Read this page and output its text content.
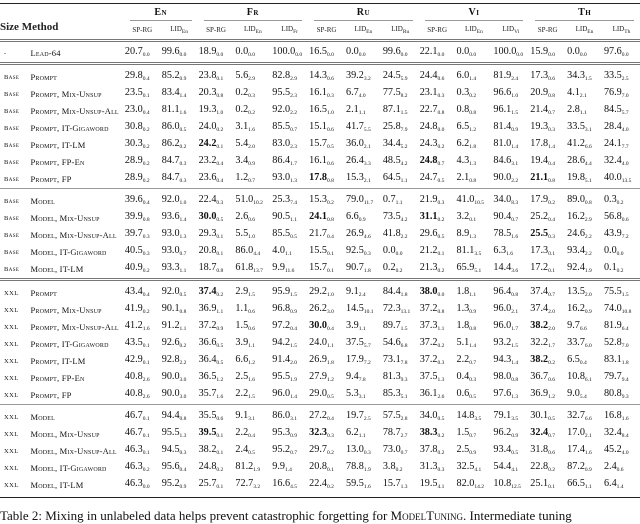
		En		Fr			Ru			Vi			Th		

Size Method		SP-RG	$LID_{En}$	SP-RG	$LID_{En}$	$LID_{Fr}$	SP-RG	$LID_{En}$	$LID_{Ru}$	SP-RG	$LID_{En}$	$LID_{Vi}$	SP-RG	$LID_{En}$	$LID_{Th}$
-	Lead-64	$20.7_{0.0}$	$99.6_{0.0}$	$18.9_{0.0}$	$0.0_{0.0}$	$100.0_{0.0}$	$16.5_{0.0}$	$0.0_{0.0}$	$99.6_{0.0}$	$22.1_{0.0}$	$0.0_{0.0}$	$100.0_{0.0}$	$15.9_{0.0}$	$0.0_{0.0}$	$97.6_{0.0}$
Base	Prompt	$29.8_{0.4}$	$85.2_{0.9}$	$23.8_{0.1}$	$5.6_{2.9}$	$82.8_{2.9}$	$14.3_{0.6}$	$39.2_{3.2}$	$24.5_{5.9}$	$24.4_{0.6}$	$6.0_{1.4}$	$81.9_{2.4}$	$17.3_{0.6}$	$34.3_{1.5}$	$33.5_{2.5}$
Base	Prompt, Mix-Unsup	$23.5_{0.1}$	$83.4_{1.4}$	$20.3_{0.8}$	$0.2_{0.3}$	$95.5_{2.3}$	$16.1_{0.3}$	$6.7_{4.0}$	$77.5_{8.2}$	$23.1_{0.3}$	$0.3_{0.2}$	$96.6_{1.0}$	$20.9_{0.8}$	$4.1_{2.1}$	$76.9_{7.0}$
Base	Prompt, Mix-Unsup-All	$23.0_{0.4}$	$81.1_{1.6}$	$19.3_{1.0}$	$0.2_{0.2}$	$92.0_{2.2}$	$16.5_{1.0}$	$2.1_{1.1}$	$87.1_{1.5}$	$22.7_{0.8}$	$0.8_{0.8}$	$96.1_{1.5}$	$21.4_{0.7}$	$2.8_{1.1}$	$84.5_{5.7}$
Base	Prompt, IT-Gigaword	$30.8_{0.2}$	$86.0_{0.5}$	$24.0_{0.2}$	$3.1_{1.6}$	$85.5_{0.7}$	$15.1_{0.6}$	$41.7_{5.5}$	$25.8_{7.9}$	$24.8_{0.0}$	$6.5_{1.2}$	$81.4_{0.9}$	$19.3_{0.3}$	$33.5_{3.1}$	$28.4_{4.0}$
Base	Prompt, IT-LM	$30.3_{0.2}$	$86.2_{0.2}$	$24.2_{0.1}$	$5.4_{2.0}$	$83.0_{2.3}$	$15.7_{0.5}$	$36.0_{2.1}$	$34.4_{5.2}$	$24.3_{0.2}$	$6.2_{1.8}$	$81.0_{1.4}$	$17.8_{1.4}$	$41.2_{6.6}$	$24.1_{7.7}$
Base	Prompt, FP-En	$28.9_{0.2}$	$84.7_{0.3}$	$23.2_{0.4}$	$3.4_{0.9}$	$86.4_{1.7}$	$16.1_{0.6}$	$26.4_{3.3}$	$48.5_{4.2}$	$24.8_{0.7}$	$4.3_{1.3}$	$84.6_{3.1}$	$19.4_{0.4}$	$28.6_{4.4}$	$32.4_{4.0}$
Base	Prompt, FP	$28.9_{0.2}$	$84.7_{0.3}$	$23.6_{0.4}$	$1.2_{0.7}$	$93.0_{1.3}$	$17.8_{0.8}$	$15.3_{2.1}$	$64.5_{1.1}$	$24.7_{0.5}$	$2.1_{0.8}$	$90.0_{2.2}$	$21.1_{0.8}$	$19.8_{5.1}$	$40.0_{13.5}$
Base	Model	$39.6_{0.4}$	$92.0_{1.0}$	$22.4_{0.3}$	$51.0_{10.2}$	$25.3_{7.4}$	$15.3_{0.2}$	$79.0_{11.7}$	$0.7_{1.1}$	$21.9_{0.3}$	$41.0_{10.5}$	$34.0_{8.3}$	$17.9_{0.2}$	$89.0_{0.8}$	$0.3_{0.2}$
Base	Model, Mix-Unsup	$39.9_{0.8}$	$93.6_{1.4}$	$30.0_{0.5}$	$2.6_{0.6}$	$90.5_{1.1}$	$24.1_{0.8}$	$6.6_{0.9}$	$73.5_{4.2}$	$31.1_{0.2}$	$3.2_{0.1}$	$90.4_{0.7}$	$25.2_{0.4}$	$16.2_{2.9}$	$56.8_{0.6}$
Base	Model, Mix-Unsup-All	$39.7_{0.3}$	$93.0_{1.3}$	$29.3_{0.1}$	$5.5_{1.0}$	$85.5_{0.5}$	$21.7_{0.4}$	$26.9_{4.6}$	$41.8_{2.2}$	$29.6_{0.5}$	$8.9_{1.3}$	$78.5_{1.6}$	$25.5_{0.3}$	$24.6_{2.2}$	$43.9_{7.2}$
Base	Model, IT-Gigaword	$40.5_{0.3}$	$93.0_{0.7}$	$20.8_{0.1}$	$86.0_{4.4}$	$4.0_{1.1}$	$15.5_{0.1}$	$92.5_{0.3}$	$0.0_{0.0}$	$21.2_{0.1}$	$81.1_{3.5}$	$6.3_{1.6}$	$17.3_{0.1}$	$93.4_{2.2}$	$0.0_{0.0}$
Base	Model, IT-LM	$40.9_{0.2}$	$93.3_{1.1}$	$18.7_{0.8}$	$61.8_{13.7}$	$9.9_{11.6}$	$15.7_{0.1}$	$90.7_{1.8}$	$0.2_{0.2}$	$21.3_{0.2}$	$65.9_{5.1}$	$14.4_{3.6}$	$17.2_{0.1}$	$92.4_{1.9}$	$0.1_{0.2}$
XXL	Prompt	$43.4_{0.4}$	$92.0_{0.5}$	$37.4_{0.2}$	$2.9_{1.5}$	$95.9_{1.5}$	$29.2_{1.0}$	$9.1_{2.4}$	$84.4_{1.8}$	$38.0_{0.0}$	$1.8_{1.1}$	$96.4_{0.8}$	$37.4_{0.7}$	$13.5_{2.0}$	$75.5_{1.5}$
XXL	Prompt, Mix-Unsup	$41.9_{0.2}$	$90.1_{0.8}$	$36.9_{1.1}$	$1.1_{0.6}$	$96.8_{0.9}$	$26.2_{3.0}$	$14.5_{10.1}$	$72.3_{13.1}$	$37.2_{0.8}$	$1.3_{0.9}$	$96.0_{2.1}$	$37.4_{2.0}$	$16.2_{0.9}$	$74.0_{10.8}$
XXL	Prompt, Mix-Unsup-All	$41.2_{1.6}$	$91.2_{1.1}$	$37.2_{0.9}$	$1.5_{0.6}$	$97.2_{0.4}$	$30.0_{0.4}$	$3.9_{1.1}$	$89.7_{1.5}$	$37.3_{1.1}$	$1.8_{0.8}$	$96.0_{1.7}$	$38.2_{2.0}$	$9.7_{6.6}$	$81.9_{6.4}$
XXL	Prompt, IT-Gigaword	$43.5_{0.1}$	$92.6_{0.2}$	$36.6_{0.5}$	$3.9_{1.1}$	$94.2_{1.5}$	$24.0_{1.1}$	$37.5_{5.7}$	$54.6_{6.8}$	$37.2_{0.2}$	$5.1_{1.4}$	$93.2_{1.5}$	$32.2_{1.7}$	$33.7_{6.0}$	$52.8_{7.0}$
XXL	Prompt, IT-LM	$42.9_{0.1}$	$92.8_{2.2}$	$36.4_{0.5}$	$6.6_{1.2}$	$91.4_{2.0}$	$26.9_{1.8}$	$17.9_{7.2}$	$73.1_{7.8}$	$37.2_{0.3}$	$2.2_{0.7}$	$94.3_{1.4}$	$38.2_{0.2}$	$6.5_{0.4}$	$83.1_{1.8}$
XXL	Prompt, FP-En	$40.8_{2.6}$	$90.0_{3.0}$	$36.5_{1.2}$	$2.5_{1.6}$	$95.5_{1.9}$	$27.9_{1.2}$	$9.4_{7.8}$	$81.3_{9.3}$	$37.5_{1.3}$	$0.4_{0.3}$	$98.0_{0.8}$	$36.7_{0.6}$	$10.8_{6.1}$	$79.7_{9.4}$
XXL	Prompt, FP	$40.8_{2.6}$	$90.0_{3.0}$	$35.7_{1.6}$	$2.2_{1.5}$	$96.0_{1.4}$	$29.0_{0.5}$	$5.3_{3.1}$	$85.3_{5.1}$	$36.1_{2.6}$	$0.6_{0.5}$	$97.6_{1.3}$	$36.9_{1.2}$	$9.0_{5.4}$	$80.8_{9.3}$
XXL	Model	$46.7_{0.1}$	$94.4_{0.8}$	$35.5_{0.6}$	$9.1_{3.1}$	$86.0_{3.1}$	$27.2_{0.4}$	$19.7_{2.5}$	$57.5_{2.8}$	$34.0_{0.5}$	$14.8_{3.5}$	$79.1_{3.5}$	$30.1_{0.5}$	$32.7_{6.6}$	$16.8_{1.6}$
XXL	Model, Mix-Unsup	$46.7_{0.1}$	$95.5_{1.3}$	$39.5_{0.1}$	$2.2_{0.4}$	$95.3_{0.9}$	$32.3_{0.3}$	$6.2_{1.1}$	$78.7_{2.7}$	$38.3_{0.2}$	$1.5_{0.7}$	$96.2_{0.9}$	$32.4_{0.7}$	$17.0_{2.1}$	$32.4_{8.4}$
XXL	Model, Mix-Unsup-All	$46.3_{0.1}$	$94.5_{0.3}$	$38.2_{0.1}$	$2.4_{0.5}$	$95.2_{0.7}$	$29.7_{0.2}$	$13.0_{0.3}$	$73.0_{0.7}$	$37.8_{0.2}$	$2.5_{0.9}$	$93.4_{0.5}$	$31.8_{0.6}$	$17.4_{1.6}$	$45.2_{4.0}$
XXL	Model, IT-Gigaword	$46.3_{0.2}$	$95.6_{0.4}$	$24.8_{0.2}$	$81.2_{1.9}$	$9.9_{1.4}$	$20.8_{0.1}$	$78.8_{1.9}$	$3.8_{0.2}$	$31.3_{0.3}$	$32.5_{4.1}$	$54.4_{4.1}$	$22.8_{0.2}$	$87.2_{0.9}$	$2.4_{0.6}$
XXL	Model, IT-LM	$46.3_{0.0}$	$95.2_{0.9}$	$25.7_{0.1}$	$72.7_{3.2}$	$16.6_{4.5}$	$22.4_{0.2}$	$59.5_{1.6}$	$15.7_{1.3}$	$19.5_{4.1}$	$82.0_{14.2}$	$10.8_{12.5}$	$25.1_{0.1}$	$66.5_{1.1}$	$6.4_{1.4}$
Table 2: Mixing in unlabeled data helps prevent catastrophic forgetting for ModelTuning. Intermediate tuning
